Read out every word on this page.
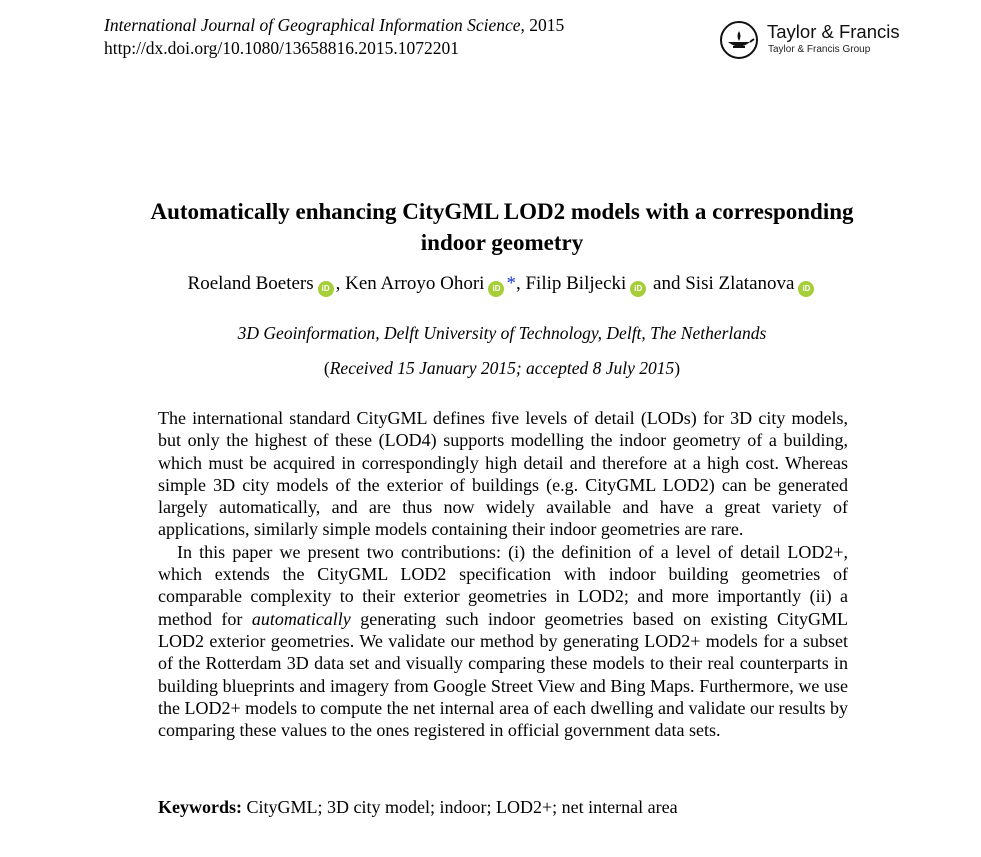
International Journal of Geographical Information Science, 2015
http://dx.doi.org/10.1080/13658816.2015.1072201
Taylor & Francis
Taylor & Francis Group
Automatically enhancing CityGML LOD2 models with a corresponding indoor geometry
Roeland Boeters iD , Ken Arroyo Ohori iD *, Filip Biljecki iD and Sisi Zlatanova iD
3D Geoinformation, Delft University of Technology, Delft, The Netherlands
(Received 15 January 2015; accepted 8 July 2015)

The international standard CityGML defines five levels of detail (LODs) for 3D city models, but only the highest of these (LOD4) supports modelling the indoor geometry of a building, which must be acquired in correspondingly high detail and therefore at a high cost. Whereas simple 3D city models of the exterior of buildings (e.g. CityGML LOD2) can be generated largely automatically, and are thus now widely available and have a great variety of applications, similarly simple models containing their indoor geometries are rare.

In this paper we present two contributions: (i) the definition of a level of detail LOD2+, which extends the CityGML LOD2 specification with indoor building geometries of comparable complexity to their exterior geometries in LOD2; and more importantly (ii) a method for automatically generating such indoor geometries based on existing CityGML LOD2 exterior geometries. We validate our method by generating LOD2+ models for a subset of the Rotterdam 3D data set and visually comparing these models to their real counterparts in building blueprints and imagery from Google Street View and Bing Maps. Furthermore, we use the LOD2+ models to compute the net internal area of each dwelling and validate our results by comparing these values to the ones registered in official government data sets.

Keywords: CityGML; 3D city model; indoor; LOD2+; net internal area
